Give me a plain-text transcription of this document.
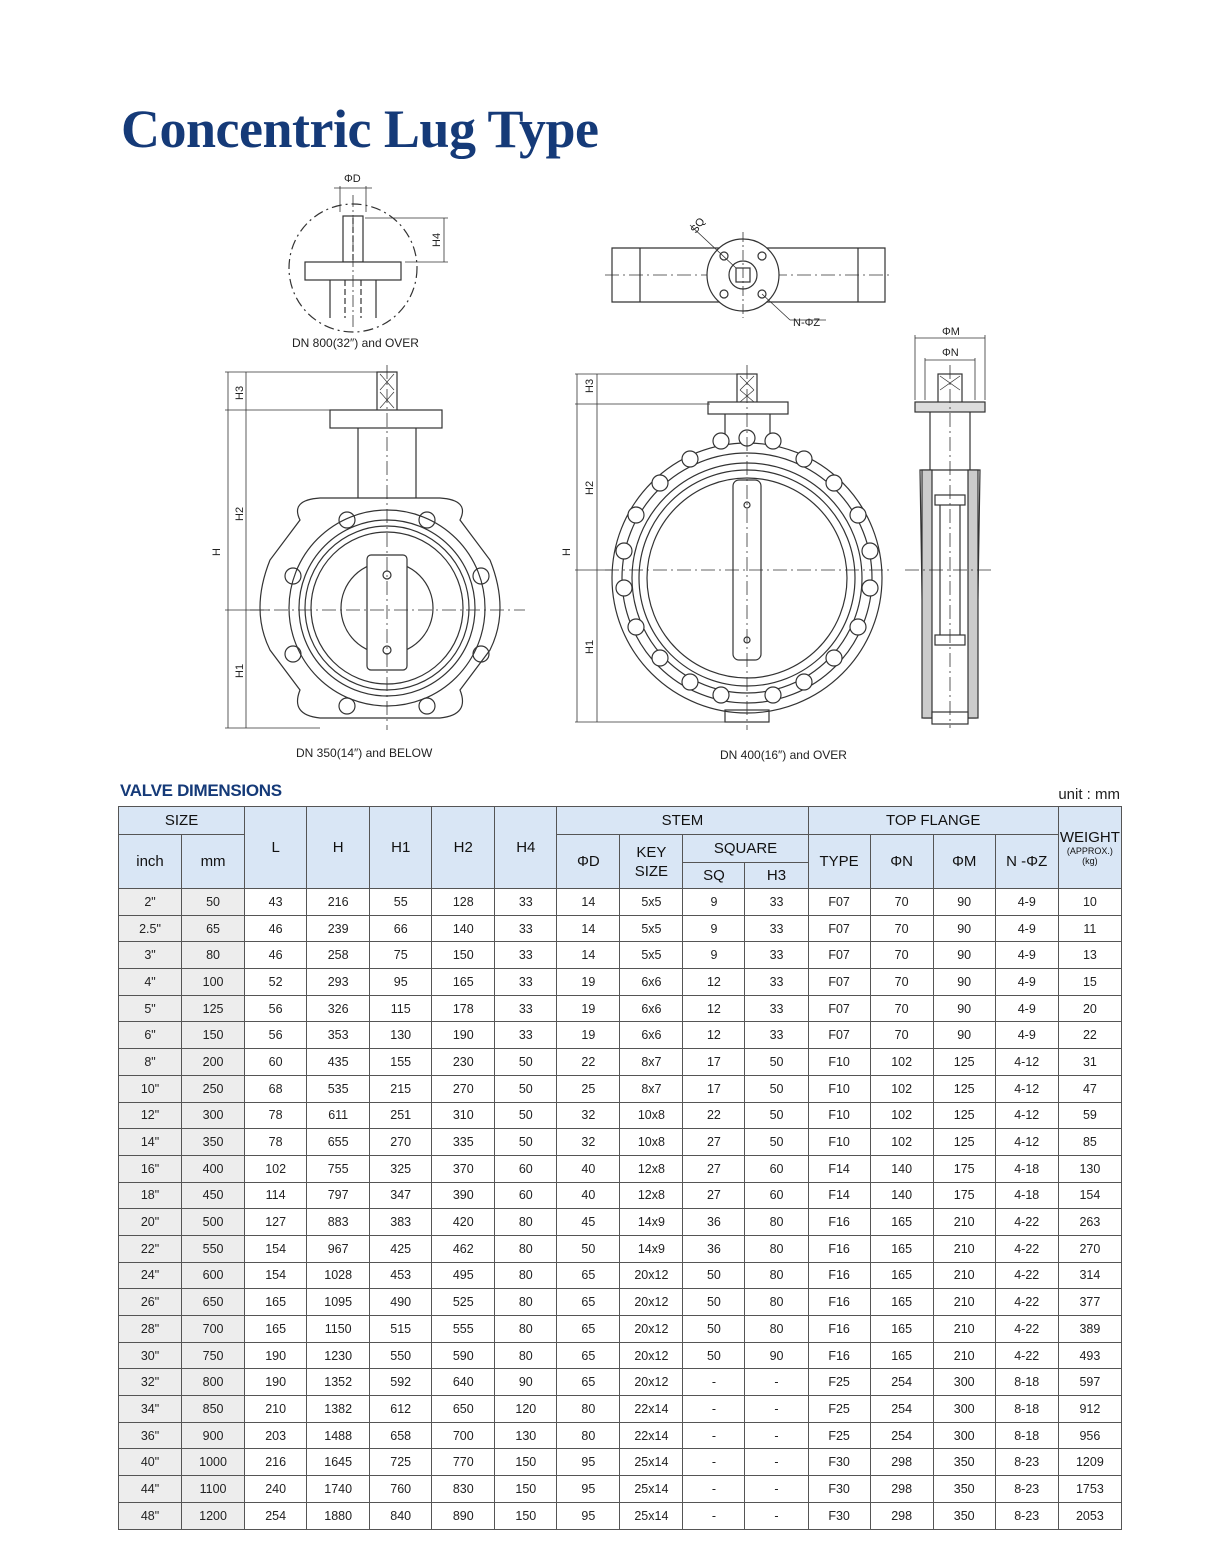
Concentric Lug Type
ΦD
H4
SQ
N-ΦZ
ΦM
ΦN
H
H3
H2
H1
H
H3
H2
H1
DN 800(32″) and OVER
DN 350(14″) and BELOW	DN 400(16″) and OVER
VALVE DIMENSIONS	unit : mm
SIZE		L	H	H1	H2	H4	STEM				TOP FLANGE				WEIGHT
(APPROX.)
(kg)

inch	mm						ΦD	KEY SIZE	SQUARE		TYPE	ΦN	ΦM	N -ΦZ	
									SQ	H3					
2"	50	43	216	55	128	33	14	5x5	9	33	F07	70	90	4-9	10
2.5"	65	46	239	66	140	33	14	5x5	9	33	F07	70	90	4-9	11
3"	80	46	258	75	150	33	14	5x5	9	33	F07	70	90	4-9	13
4"	100	52	293	95	165	33	19	6x6	12	33	F07	70	90	4-9	15
5"	125	56	326	115	178	33	19	6x6	12	33	F07	70	90	4-9	20
6"	150	56	353	130	190	33	19	6x6	12	33	F07	70	90	4-9	22
8"	200	60	435	155	230	50	22	8x7	17	50	F10	102	125	4-12	31
10"	250	68	535	215	270	50	25	8x7	17	50	F10	102	125	4-12	47
12"	300	78	611	251	310	50	32	10x8	22	50	F10	102	125	4-12	59
14"	350	78	655	270	335	50	32	10x8	27	50	F10	102	125	4-12	85
16"	400	102	755	325	370	60	40	12x8	27	60	F14	140	175	4-18	130
18"	450	114	797	347	390	60	40	12x8	27	60	F14	140	175	4-18	154
20"	500	127	883	383	420	80	45	14x9	36	80	F16	165	210	4-22	263
22"	550	154	967	425	462	80	50	14x9	36	80	F16	165	210	4-22	270
24"	600	154	1028	453	495	80	65	20x12	50	80	F16	165	210	4-22	314
26"	650	165	1095	490	525	80	65	20x12	50	80	F16	165	210	4-22	377
28"	700	165	1150	515	555	80	65	20x12	50	80	F16	165	210	4-22	389
30"	750	190	1230	550	590	80	65	20x12	50	90	F16	165	210	4-22	493
32"	800	190	1352	592	640	90	65	20x12	-	-	F25	254	300	8-18	597
34"	850	210	1382	612	650	120	80	22x14	-	-	F25	254	300	8-18	912
36"	900	203	1488	658	700	130	80	22x14	-	-	F25	254	300	8-18	956
40"	1000	216	1645	725	770	150	95	25x14	-	-	F30	298	350	8-23	1209
44"	1100	240	1740	760	830	150	95	25x14	-	-	F30	298	350	8-23	1753
48"	1200	254	1880	840	890	150	95	25x14	-	-	F30	298	350	8-23	2053
